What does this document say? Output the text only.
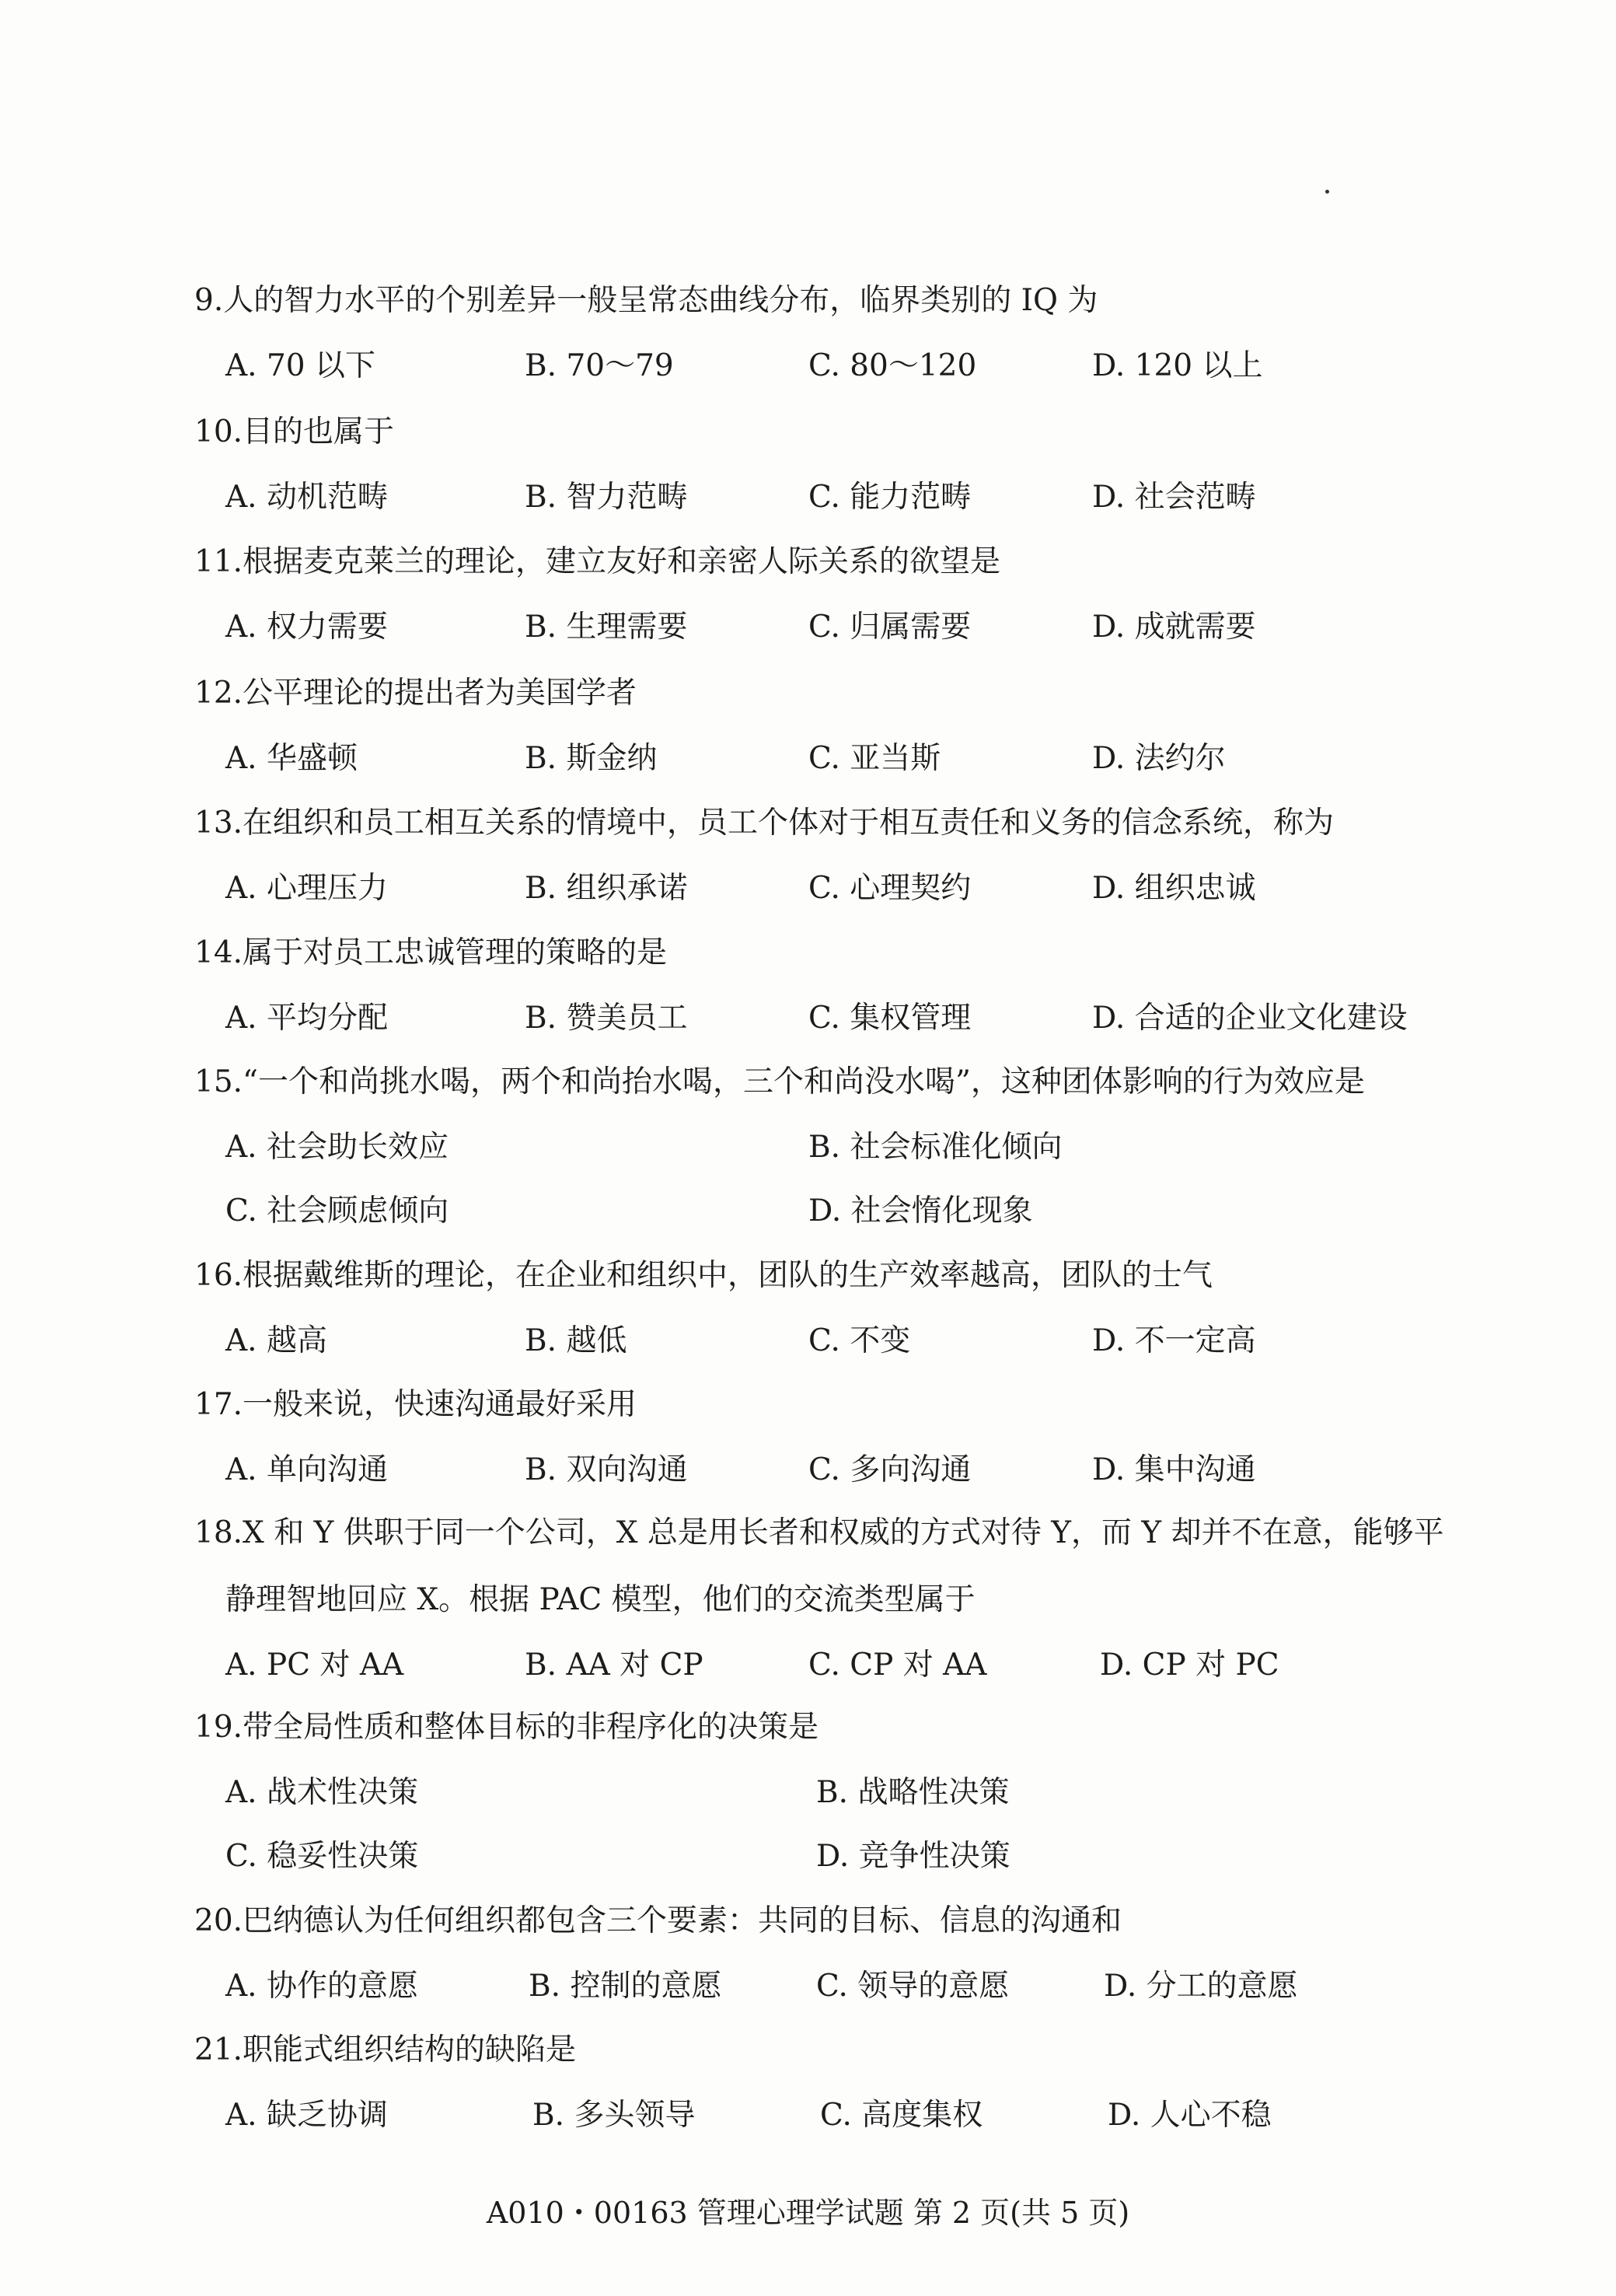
9.人的智力水平的个别差异一般呈常态曲线分布，临界类别的 IQ 为
A. 70 以下	B. 70～79	C. 80～120	D. 120 以上
10.目的也属于
A. 动机范畴	B. 智力范畴	C. 能力范畴	D. 社会范畴
11.根据麦克莱兰的理论，建立友好和亲密人际关系的欲望是
A. 权力需要	B. 生理需要	C. 归属需要	D. 成就需要
12.公平理论的提出者为美国学者
A. 华盛顿	B. 斯金纳	C. 亚当斯	D. 法约尔
13.在组织和员工相互关系的情境中，员工个体对于相互责任和义务的信念系统，称为
A. 心理压力	B. 组织承诺	C. 心理契约	D. 组织忠诚
14.属于对员工忠诚管理的策略的是
A. 平均分配	B. 赞美员工	C. 集权管理	D. 合适的企业文化建设
15.“一个和尚挑水喝，两个和尚抬水喝，三个和尚没水喝”，这种团体影响的行为效应是
A. 社会助长效应	B. 社会标准化倾向
C. 社会顾虑倾向	D. 社会惰化现象
16.根据戴维斯的理论，在企业和组织中，团队的生产效率越高，团队的士气
A. 越高	B. 越低	C. 不变	D. 不一定高
17.一般来说，快速沟通最好采用
A. 单向沟通	B. 双向沟通	C. 多向沟通	D. 集中沟通
18.X 和 Y 供职于同一个公司，X 总是用长者和权威的方式对待 Y，而 Y 却并不在意，能够平
静理智地回应 X。根据 PAC 模型，他们的交流类型属于
A. PC 对 AA	B. AA 对 CP	C. CP 对 AA	D. CP 对 PC
19.带全局性质和整体目标的非程序化的决策是
A. 战术性决策	B. 战略性决策
C. 稳妥性决策	D. 竞争性决策
20.巴纳德认为任何组织都包含三个要素：共同的目标、信息的沟通和
A. 协作的意愿	B. 控制的意愿	C. 领导的意愿	D. 分工的意愿
21.职能式组织结构的缺陷是
A. 缺乏协调	B. 多头领导	C. 高度集权	D. 人心不稳
A010・00163 管理心理学试题 第 2 页(共 5 页)
